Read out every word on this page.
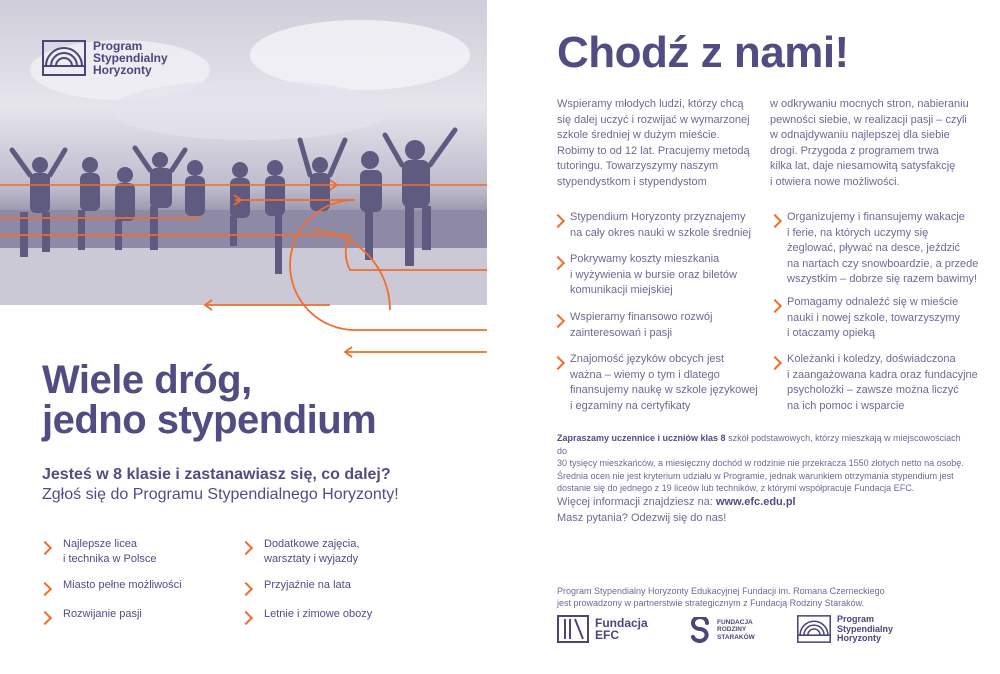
Program
Stypendialny
Horyzonty
Wiele dróg,
jedno stypendium
Jesteś w 8 klasie i zastanawiasz się, co dalej?
Zgłoś się do Programu Stypendialnego Horyzonty!
Najlepsze licea
i technika w Polsce
Miasto pełne możliwości
Rozwijanie pasji
Dodatkowe zajęcia,
warsztaty i wyjazdy
Przyjaźnie na lata
Letnie i zimowe obozy
Chodź z nami!
Wspieramy młodych ludzi, którzy chcą
się dalej uczyć i rozwijać w wymarzonej
szkole średniej w dużym mieście.
Robimy to od 12 lat. Pracujemy metodą
tutoringu. Towarzyszymy naszym
stypendystkom i stypendystom
w odkrywaniu mocnych stron, nabieraniu
pewności siebie, w realizacji pasji – czyli
w odnajdywaniu najlepszej dla siebie
drogi. Przygoda z programem trwa
kilka lat, daje niesamowitą satysfakcję
i otwiera nowe możliwości.
Stypendium Horyzonty przyznajemy
na cały okres nauki w szkole średniej
Pokrywamy koszty mieszkania
i wyżywienia w bursie oraz biletów
komunikacji miejskiej
Wspieramy finansowo rozwój
zainteresowań i pasji
Znajomość języków obcych jest
ważna – wiemy o tym i dlatego
finansujemy naukę w szkole językowej
i egzaminy na certyfikaty
Organizujemy i finansujemy wakacje
i ferie, na których uczymy się
żeglować, pływać na desce, jeździć
na nartach czy snowboardzie, a przede
wszystkim – dobrze się razem bawimy!
Pomagamy odnaleźć się w mieście
nauki i nowej szkole, towarzyszymy
i otaczamy opieką
Koleżanki i koledzy, doświadczona
i zaangażowana kadra oraz fundacyjne
psycholożki – zawsze można liczyć
na ich pomoc i wsparcie
Zapraszamy uczennice i uczniów klas 8 szkół podstawowych, którzy mieszkają w miejscowościach do
30 tysięcy mieszkańców, a miesięczny dochód w rodzinie nie przekracza 1550 złotych netto na osobę.
Średnia ocen nie jest kryterium udziału w Programie, jednak warunkiem otrzymania stypendium jest
dostanie się do jednego z 19 liceów lub techników, z którymi współpracuje Fundacja EFC.
Więcej informacji znajdziesz na: www.efc.edu.pl
Masz pytania? Odezwij się do nas!
Program Stypendialny Horyzonty Edukacyjnej Fundacji im. Romana Czerneckiego
jest prowadzony w partnerstwie strategicznym z Fundacją Rodziny Staraków.
Fundacja
EFC
FUNDACJA
RODZINY
STARAKÓW
Program
Stypendialny
Horyzonty
